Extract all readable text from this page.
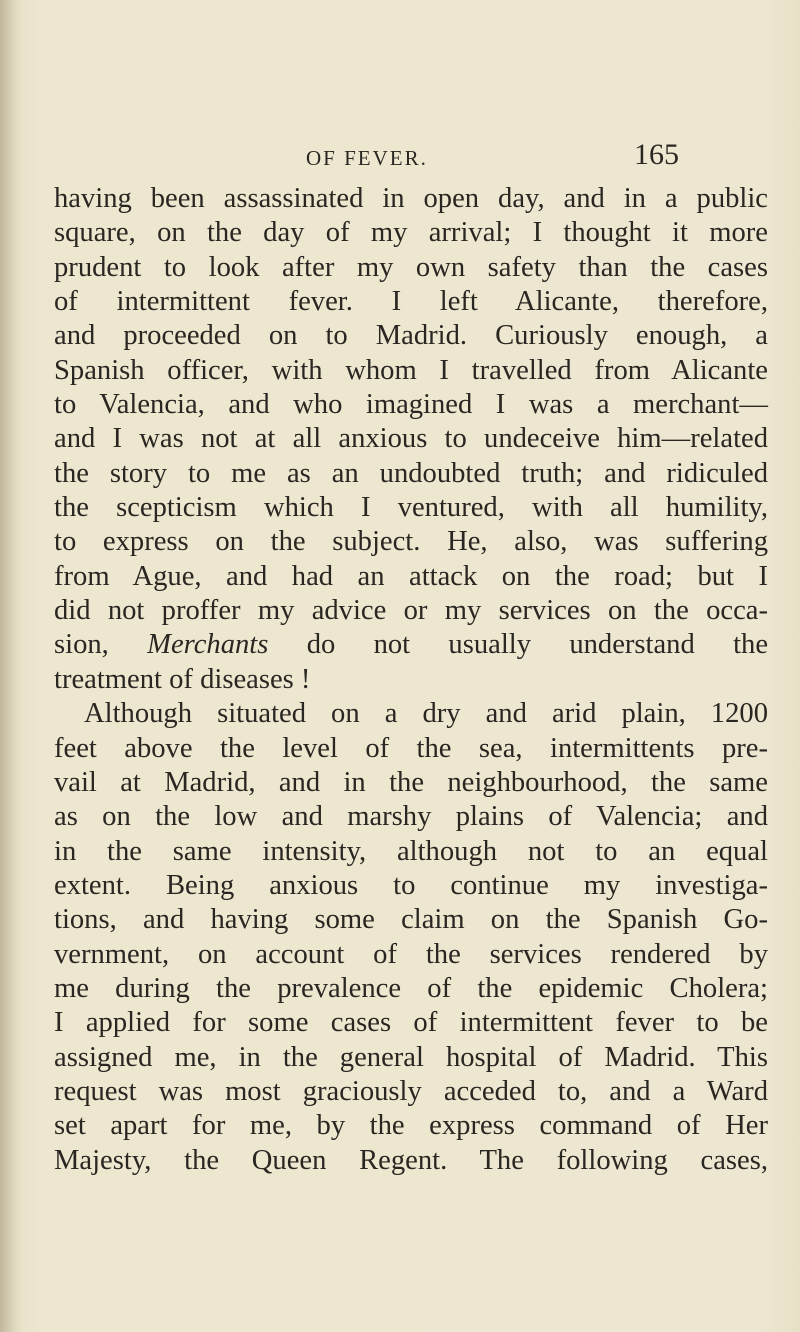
OF FEVER.	165
having been assassinated in open day, and in a public
square, on the day of my arrival; I thought it more
prudent to look after my own safety than the cases
of intermittent fever. I left Alicante, therefore,
and proceeded on to Madrid. Curiously enough, a
Spanish officer, with whom I travelled from Alicante
to Valencia, and who imagined I was a merchant—
and I was not at all anxious to undeceive him—related
the story to me as an undoubted truth; and ridiculed
the scepticism which I ventured, with all humility,
to express on the subject. He, also, was suffering
from Ague, and had an attack on the road; but I
did not proffer my advice or my services on the occa-
sion, Merchants do not usually understand the
treatment of diseases !
Although situated on a dry and arid plain, 1200
feet above the level of the sea, intermittents pre-
vail at Madrid, and in the neighbourhood, the same
as on the low and marshy plains of Valencia; and
in the same intensity, although not to an equal
extent. Being anxious to continue my investiga-
tions, and having some claim on the Spanish Go-
vernment, on account of the services rendered by
me during the prevalence of the epidemic Cholera;
I applied for some cases of intermittent fever to be
assigned me, in the general hospital of Madrid. This
request was most graciously acceded to, and a Ward
set apart for me, by the express command of Her
Majesty, the Queen Regent. The following cases,
